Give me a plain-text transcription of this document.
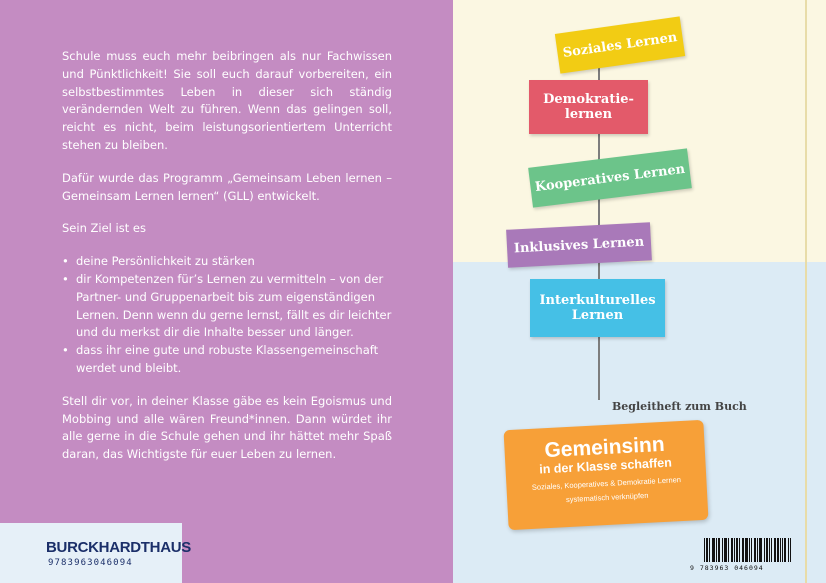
Schule muss euch mehr beibringen als nur Fachwissen und Pünktlichkeit! Sie soll euch darauf vorbereiten, ein selbstbestimmtes Leben in dieser sich ständig verändernden Welt zu führen. Wenn das gelingen soll, reicht es nicht, beim leistungsorientiertem Unterricht stehen zu bleiben.

Dafür wurde das Programm „Gemeinsam Leben lernen – Gemeinsam Lernen lernen“ (GLL) entwickelt.

Sein Ziel ist es

• deine Persönlichkeit zu stärken
• dir Kompetenzen für’s Lernen zu vermitteln – von der Partner- und Gruppenarbeit bis zum eigenständigen Lernen. Denn wenn du gerne lernst, fällt es dir leichter und du merkst dir die Inhalte besser und länger.
• dass ihr eine gute und robuste Klassengemeinschaft werdet und bleibt.

Stell dir vor, in deiner Klasse gäbe es kein Egoismus und Mobbing und alle wären Freund*innen. Dann würdet ihr alle gerne in die Schule gehen und ihr hättet mehr Spaß daran, das Wichtigste für euer Leben zu lernen.

BURCKHARDTHAUS
9783963046094
Soziales Lernen
Demokratie-
lernen
Kooperatives Lernen
Inklusives Lernen
Interkulturelles
Lernen
Begleitheft zum Buch
Gemeinsinn
in der Klasse schaffen
Soziales, Kooperatives & Demokratie Lernen
systematisch verknüpfen
9 783963 046094
